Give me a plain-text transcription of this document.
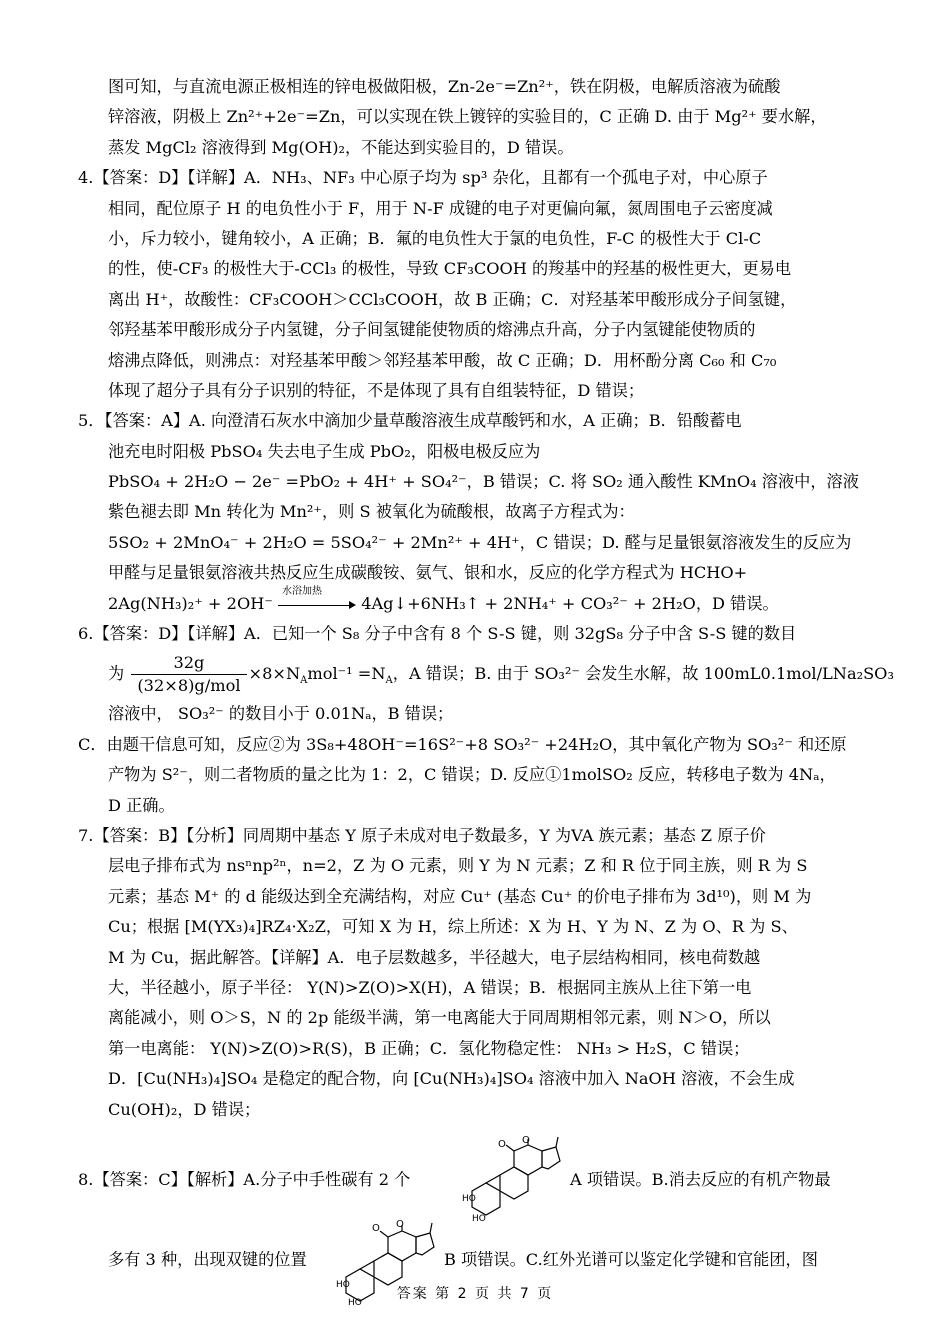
图可知，与直流电源正极相连的锌电极做阳极，Zn-2e⁻=Zn²⁺，铁在阴极，电解质溶液为硫酸
锌溶液，阴极上 Zn²⁺+2e⁻=Zn，可以实现在铁上镀锌的实验目的，C 正确 D. 由于 Mg²⁺ 要水解，
蒸发 MgCl₂ 溶液得到 Mg(OH)₂，不能达到实验目的，D 错误。
4.【答案：D】【详解】A．NH₃、NF₃ 中心原子均为 sp³ 杂化，且都有一个孤电子对，中心原子
相同，配位原子 H 的电负性小于 F，用于 N-F 成键的电子对更偏向氟，氮周围电子云密度减
小，斥力较小，键角较小，A 正确；B．氟的电负性大于氯的电负性，F-C 的极性大于 Cl-C
的性，使-CF₃ 的极性大于-CCl₃ 的极性，导致 CF₃COOH 的羧基中的羟基的极性更大，更易电
离出 H⁺，故酸性：CF₃COOH＞CCl₃COOH，故 B 正确；C．对羟基苯甲酸形成分子间氢键，
邻羟基苯甲酸形成分子内氢键，分子间氢键能使物质的熔沸点升高，分子内氢键能使物质的
熔沸点降低，则沸点：对羟基苯甲酸＞邻羟基苯甲酸，故 C 正确；D．用杯酚分离 C₆₀ 和 C₇₀
体现了超分子具有分子识别的特征，不是体现了具有自组装特征，D 错误；
5．【答案：A】A. 向澄清石灰水中滴加少量草酸溶液生成草酸钙和水，A 正确；B．铅酸蓄电
池充电时阳极 PbSO₄ 失去电子生成 PbO₂，阳极电极反应为
PbSO₄ + 2H₂O − 2e⁻ =PbO₂ + 4H⁺ + SO₄²⁻，B 错误；C. 将 SO₂ 通入酸性 KMnO₄ 溶液中，溶液
紫色褪去即 Mn 转化为 Mn²⁺，则 S 被氧化为硫酸根，故离子方程式为：
5SO₂ + 2MnO₄⁻ + 2H₂O = 5SO₄²⁻ + 2Mn²⁺ + 4H⁺，C 错误；D. 醛与足量银氨溶液发生的反应为
甲醛与足量银氨溶液共热反应生成碳酸铵、氨气、银和水，反应的化学方程式为 HCHO+
2Ag(NH₃)₂⁺ + 2OH⁻
水浴加热
4Ag↓+6NH₃↑ + 2NH₄⁺ + CO₃²⁻ + 2H₂O，D 错误。
6.【答案：D】【详解】A．已知一个 S₈ 分子中含有 8 个 S-S 键，则 32gS₈ 分子中含 S-S 键的数目
为 $\frac{32g}{\text{(32×8)g/mol}} \times 8\times N_Amol^{-1} =N_A$，A 错误；B. 由于 SO₃²⁻ 会发生水解，故 100mL0.1mol/LNa₂SO₃
溶液中， SO₃²⁻ 的数目小于 0.01Nₐ，B 错误；
C．由题干信息可知，反应②为 3S₈+48OH⁻=16S²⁻+8 SO₃²⁻ +24H₂O，其中氧化产物为 SO₃²⁻ 和还原
产物为 S²⁻，则二者物质的量之比为 1：2，C 错误；D. 反应①1molSO₂ 反应，转移电子数为 4Nₐ，
D 正确。
7.【答案：B】【分析】同周期中基态 Y 原子未成对电子数最多，Y 为VA 族元素；基态 Z 原子价
层电子排布式为 nsⁿnp²ⁿ，n=2，Z 为 O 元素，则 Y 为 N 元素；Z 和 R 位于同主族，则 R 为 S
元素；基态 M⁺ 的 d 能级达到全充满结构，对应 Cu⁺ (基态 Cu⁺ 的价电子排布为 3d¹⁰)，则 M 为
Cu；根据 [M(YX₃)₄]RZ₄·X₂Z，可知 X 为 H，综上所述：X 为 H、Y 为 N、Z 为 O、R 为 S、
M 为 Cu，据此解答。【详解】A．电子层数越多，半径越大，电子层结构相同，核电荷数越
大，半径越小，原子半径： Y(N)>Z(O)>X(H)，A 错误；B．根据同主族从上往下第一电
离能减小，则 O＞S，N 的 2p 能级半满，第一电离能大于同周期相邻元素，则 N＞O，所以
第一电离能： Y(N)>Z(O)>R(S)，B 正确；C．氢化物稳定性： NH₃ > H₂S，C 错误；
D．[Cu(NH₃)₄]SO₄ 是稳定的配合物，向 [Cu(NH₃)₄]SO₄ 溶液中加入 NaOH 溶液，不会生成
Cu(OH)₂，D 错误；
8.【答案：C】【解析】A.分子中手性碳有 2 个
O O
HO
HO
A 项错误。B.消去反应的有机产物最
多有 3 种，出现双键的位置
O O
HO
HO
B 项错误。C.红外光谱可以鉴定化学键和官能团，图
答案 第 2 页 共 7 页
